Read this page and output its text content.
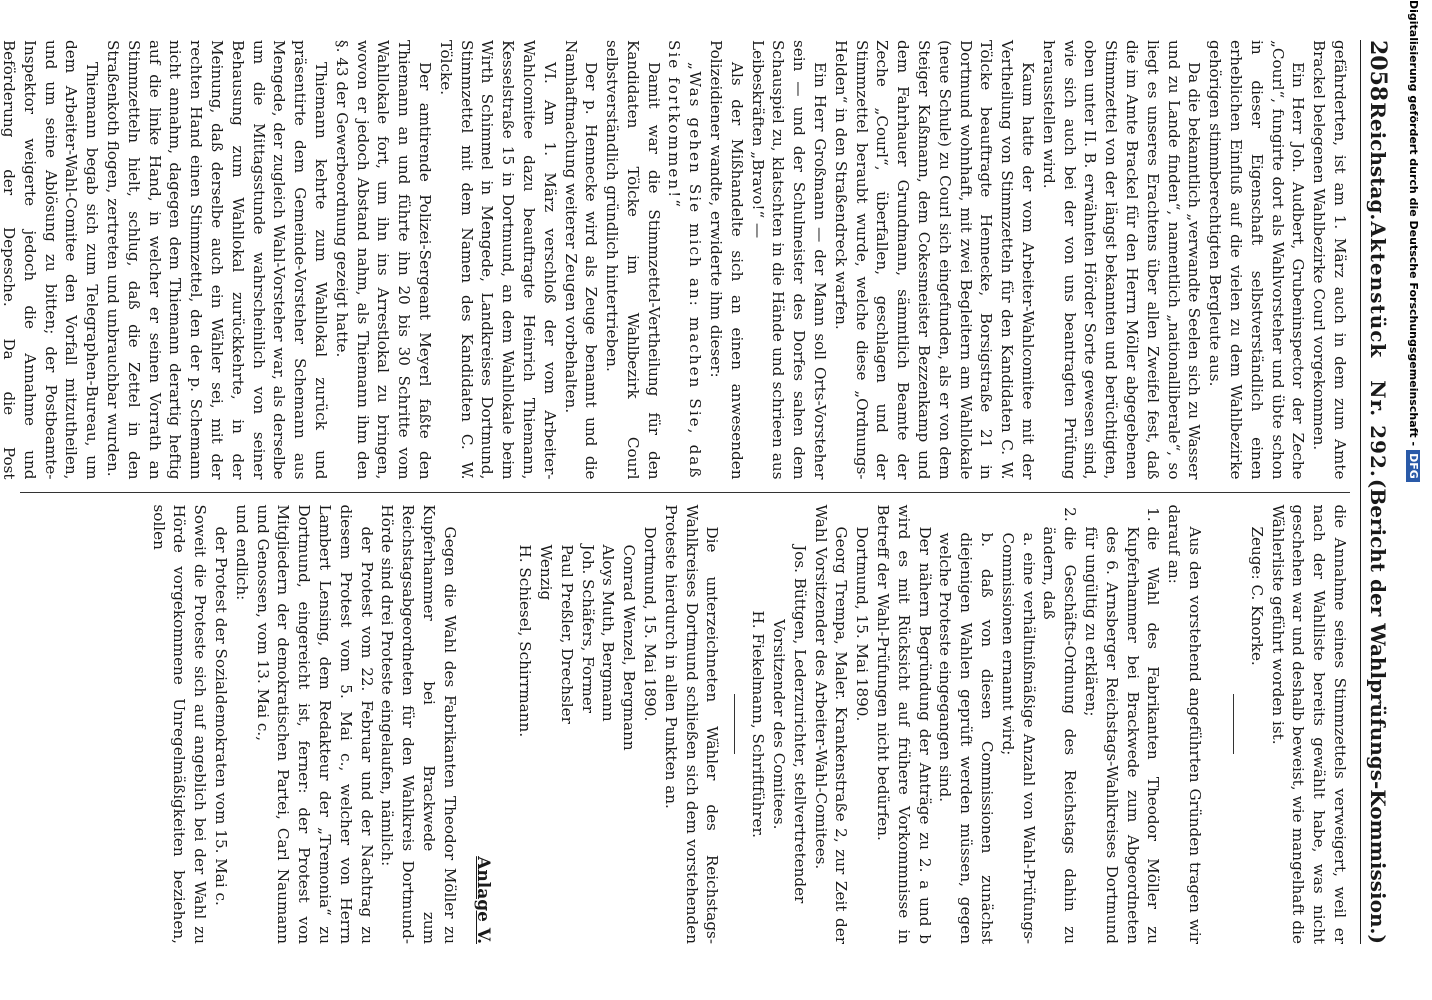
2058
Reichstag.
Aktenstück Nr. 292.
(Bericht der Wahlprüfungs-Kommission.)

gefährderten, ist am 1. März auch in dem zum Amte Brackel belegenen Wahlbezirke Courl vorgekommen.

Ein Herr Joh. Audbert, Grubeninspector der Zeche „Courl“, fungirte dort als Wahlvorsteher und übte schon in dieser Eigenschaft selbstverständlich einen erheblichen Einfluß auf die vielen zu dem Wahlbezirke gehörigen stimmberechtigten Bergleute aus.

Da die bekanntlich „verwandte Seelen sich zu Wasser und zu Lande finden“, namentlich „nationalliberale“, so liegt es unseres Erachtens über allen Zweifel fest, daß die im Amte Brackel für den Herrn Möller abgegebenen Stimmzettel von der längst bekannten und berüchtigten, oben unter II. B. erwähnten Hörder Sorte gewesen sind, wie sich auch bei der von uns beantragten Prüfung herausstellen wird.

Kaum hatte der vom Arbeiter-Wahlcomitee mit der Vertheilung von Stimmzetteln für den Kandidaten C. W. Tölcke beauftragte Hennecke, Borsigstraße 21 in Dortmund wohnhaft, mit zwei Begleitern am Wahllokale (neue Schule) zu Courl sich eingefunden, als er von dem Steiger Kaßmann, dem Cokesmeister Bezzenkamp und dem Fahrhauer Grundmann, sämmtlich Beamte der Zeche „Courl“, überfallen, geschlagen und der Stimmzettel beraubt wurde, welche diese „Ordnungs-Helden“ in den Straßendreck warfen.

Ein Herr Großmann — der Mann soll Orts-Vorsteher sein — und der Schulmeister des Dorfes sahen dem Schauspiel zu, klatschten in die Hände und schrieen aus Leibeskräften „Bravo!“ —

Als der Mißhandelte sich an einen anwesenden Polizeidiener wandte, erwiderte ihm dieser:

„Was gehen Sie mich an: machen Sie, daß Sie fortkommen!“

Damit war die Stimmzettel-Vertheilung für den Kandidaten Tölcke im Wahlbezirk Courl selbstverständlich gründlich hintertrieben.

Der p. Hennecke wird als Zeuge benannt und die Namhaftmachung weiterer Zeugen vorbehalten.

VI. Am 1. März verschloß der vom Arbeiter-Wahlcomitee dazu beauftragte Heinrich Thiemann, Kesselstraße 15 in Dortmund, an dem Wahllokale beim Wirth Schimmel in Mengede, Landkreises Dortmund, Stimmzettel mit dem Namen des Kandidaten C. W. Tölcke.

Der amtirende Polizei-Sergeant Meyerl faßte den Thiemann an und führte ihn 20 bis 30 Schritte vom Wahllokale fort, um ihn ins Arrestlokal zu bringen, wovon er jedoch Abstand nahm, als Thiemann ihm den §. 43 der Gewerbeordnung gezeigt hatte.

Thiemann kehrte zum Wahllokal zurück und präsentirte dem Gemeinde-Vorsteher Schemann aus Mengede, der zugleich Wahl-Vorsteher war, als derselbe um die Mittagsstunde wahrscheinlich von seiner Behausung zum Wahllokal zurückkehrte, in der Meinung, daß derselbe auch ein Wähler sei, mit der rechten Hand einen Stimmzettel, den der p. Schemann nicht annahm, dagegen dem Thiemann derartig heftig auf die linke Hand, in welcher er seinen Vorrath an Stimmzetteln hielt, schlug, daß die Zettel in den Straßenkoth flogen, zertreten und unbrauchbar wurden.

Thiemann begab sich zum Telegraphen-Bureau, um dem Arbeiter-Wahl-Comitee den Vorfall mitzutheilen, und um seine Ablösung zu bitten; der Postbeamte-Inspektor weigerte jedoch die Annahme und Beförderung der Depesche. Da die Post

die Annahme seines Stimmzettels verweigert, weil er nach der Wahlliste bereits gewählt habe, was nicht geschehen war und deshalb beweist, wie mangelhaft die Wählerliste geführt worden ist.

Zeuge: C. Knorke.

Aus den vorstehend angeführten Gründen tragen wir darauf an:

1. die Wahl des Fabrikanten Theodor Möller zu Kupferhammer bei Brackwede zum Abgeordneten des 6. Arnsberger Reichstags-Wahlkreises Dortmund für ungültig zu erklären;
2. die Geschäfts-Ordnung des Reichstags dahin zu ändern, daß

a. eine verhältnißmäßige Anzahl von Wahl-Prüfungs-Commissionen ernannt wird;

b. daß von diesen Commissionen zunächst diejenigen Wahlen geprüft werden müssen, gegen welche Proteste eingegangen sind.

Der nähern Begründung der Anträge zu 2. a und b wird es mit Rücksicht auf frühere Vorkommnisse in Betreff der Wahl-Prüfungen nicht bedürfen.

Dortmund, 15. Mai 1890.

Georg Trempa, Maler. Krankenstraße 2, zur Zeit der Wahl Vorsitzender des Arbeiter-Wahl-Comitees.

Jos. Büttgen, Lederzurichter, stellvertretender Vorsitzender des Comitees.

H. Fiekelmann, Schriftführer.

Die unterzeichneten Wähler des Reichstags-Wahlkreises Dortmund schließen sich dem vorstehenden Proteste hierdurch in allen Punkten an.

Dortmund, 15. Mai 1890.

Conrad Wenzel, Bergmann

Aloys Muth, Bergmann

Joh. Schäfers, Former

Paul Preßler, Drechsler

Wenzig

H. Schiesel, Schirrmann.

Anlage V.

Gegen die Wahl des Fabrikanten Theodor Möller zu Kupferhammer bei Brackwede zum Reichstagsabgeordneten für den Wahlkreis Dortmund-Hörde sind drei Proteste eingelaufen, nämlich:

der Protest vom 22. Februar und der Nachtrag zu diesem Protest vom 5. Mai c., welcher von Herrn Lambert Lensing, dem Redakteur der „Tremonia“ zu Dortmund, eingereicht ist, ferner: der Protest von Mitgliedern der demokratischen Partei, Carl Naumann und Genossen, vom 13. Mai c.,

und endlich:

der Protest der Sozialdemokraten vom 15. Mai c.

Soweit die Proteste sich auf angeblich bei der Wahl zu Hörde vorgekommene Unregelmäßigkeiten beziehen, sollen

Digitalisierung gefördert durch die Deutsche Forschungsgemeinschaft -DFG
